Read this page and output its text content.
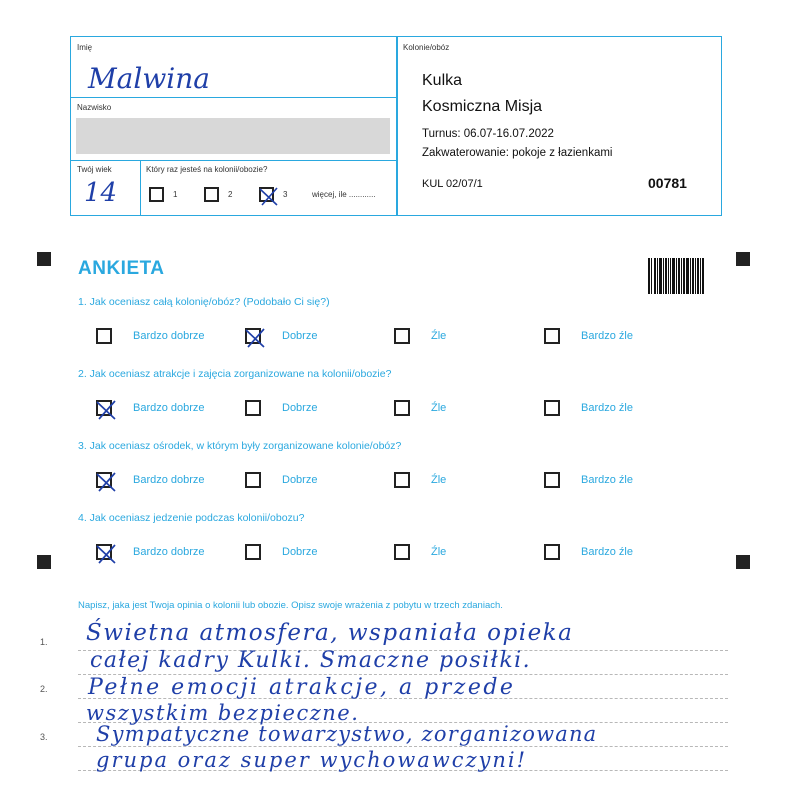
Imię
Malwina
Nazwisko
Twój wiek
14
Który raz jesteś na kolonii/obozie?
1	2	3	więcej, ile ............
Kolonie/obóz
Kulka
Kosmiczna Misja
Turnus: 06.07-16.07.2022
Zakwaterowanie: pokoje z łazienkami
KUL 02/07/1	00781
ANKIETA
1. Jak oceniasz całą kolonię/obóz? (Podobało Ci się?)
Bardzo dobrze	Dobrze	Źle	Bardzo źle
2. Jak oceniasz atrakcje i zajęcia zorganizowane na kolonii/obozie?
Bardzo dobrze	Dobrze	Źle	Bardzo źle
3. Jak oceniasz ośrodek, w którym były zorganizowane kolonie/obóz?
Bardzo dobrze	Dobrze	Źle	Bardzo źle
4. Jak oceniasz jedzenie podczas kolonii/obozu?
Bardzo dobrze	Dobrze	Źle	Bardzo źle
Napisz, jaka jest Twoja opinia o kolonii lub obozie. Opisz swoje wrażenia z pobytu w trzech zdaniach.
1.
2.
3.
Świetna atmosfera, wspaniała opieka
całej kadry Kulki. Smaczne posiłki.
Pełne emocji atrakcje, a przede
wszystkim bezpieczne.
Sympatyczne towarzystwo, zorganizowana
grupa oraz super wychowawczyni!
